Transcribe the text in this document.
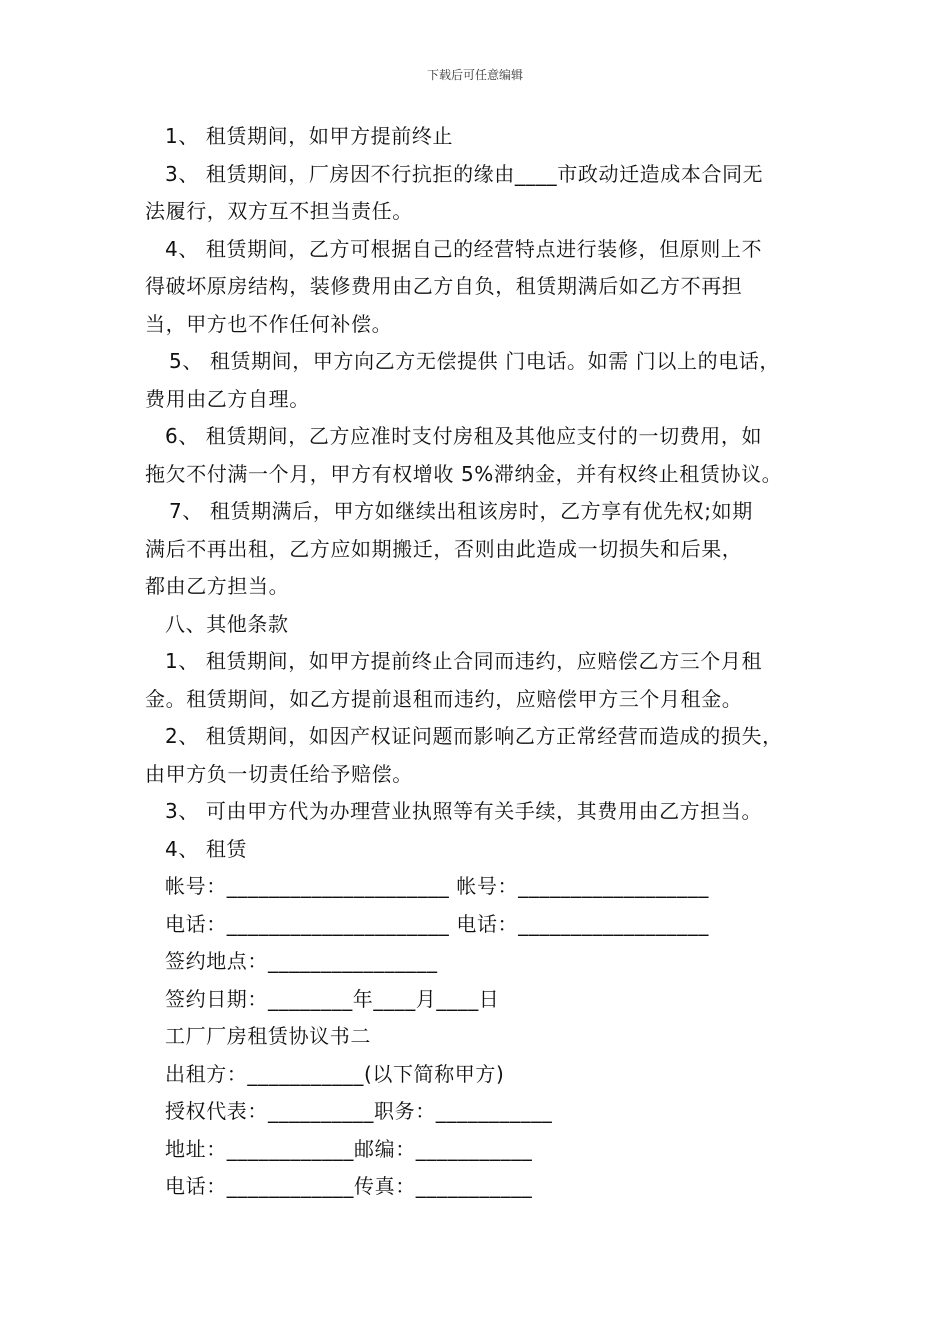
下载后可任意编辑

1、 租赁期间，如甲方提前终止

3、 租赁期间，厂房因不行抗拒的缘由____市政动迁造成本合同无

法履行，双方互不担当责任。

4、 租赁期间，乙方可根据自己的经营特点进行装修，但原则上不

得破坏原房结构，装修费用由乙方自负，租赁期满后如乙方不再担

当，甲方也不作任何补偿。

5、 租赁期间，甲方向乙方无偿提供 门电话。如需 门以上的电话，

费用由乙方自理。

6、 租赁期间，乙方应准时支付房租及其他应支付的一切费用，如

拖欠不付满一个月，甲方有权增收 5%滞纳金，并有权终止租赁协议。

7、 租赁期满后，甲方如继续出租该房时，乙方享有优先权;如期

满后不再出租，乙方应如期搬迁，否则由此造成一切损失和后果，

都由乙方担当。

八、其他条款

1、 租赁期间，如甲方提前终止合同而违约，应赔偿乙方三个月租

金。租赁期间，如乙方提前退租而违约，应赔偿甲方三个月租金。

2、 租赁期间，如因产权证问题而影响乙方正常经营而造成的损失，

由甲方负一切责任给予赔偿。

3、 可由甲方代为办理营业执照等有关手续，其费用由乙方担当。

4、 租赁

帐号：_____________________ 帐号：__________________

电话：_____________________ 电话：__________________

签约地点：________________

签约日期：________年____月____日

工厂厂房租赁协议书二

出租方：___________(以下简称甲方)

授权代表：__________职务：___________

地址：____________邮编：___________

电话：____________传真：___________
